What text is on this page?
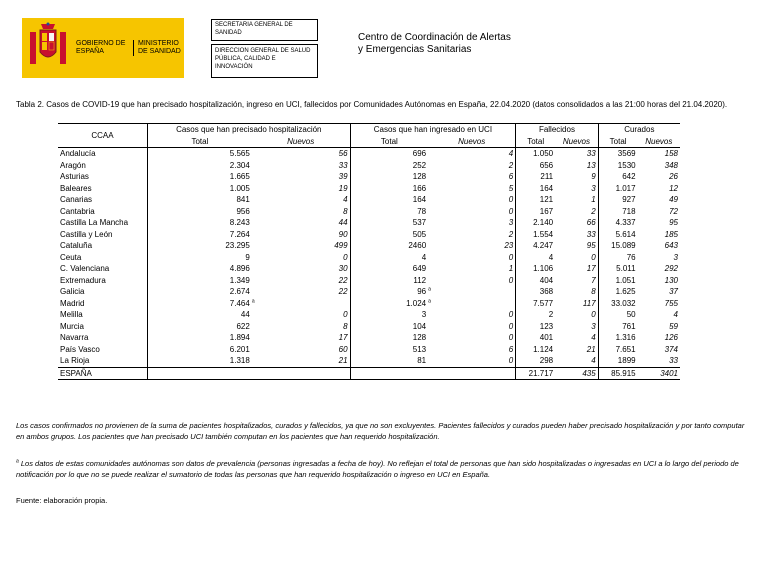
GOBIERNO DE ESPAÑA
MINISTERIO DE SANIDAD
SECRETARIA GENERAL DE SANIDAD
DIRECCION GENERAL DE SALUD PÚBLICA, CALIDAD E INNOVACIÓN
Centro de Coordinación de Alertas y Emergencias Sanitarias
Tabla 2. Casos de COVID-19 que han precisado hospitalización, ingreso en UCI, fallecidos por Comunidades Autónomas en España, 22.04.2020 (datos consolidados a las 21:00 horas del 21.04.2020).
CCAA	Casos que han precisado hospitalización			Casos que han ingresado en UCI			Fallecidos		Curados	
	Total	Nuevos		Total	Nuevos		Total	Nuevos	Total	Nuevos
Andalucía	5.565		56	696		4	1.050	33	3569	158
Aragón	2.304		33	252		2	656	13	1530	348
Asturias	1.665		39	128		6	211	9	642	26
Baleares	1.005		19	166		5	164	3	1.017	12
Canarias	841		4	164		0	121	1	927	49
Cantabria	956		8	78		0	167	2	718	72
Castilla La Mancha	8.243		44	537		3	2.140	66	4.337	95
Castilla y León	7.264		90	505		2	1.554	33	5.614	185
Cataluña	23.295		499	2460		23	4.247	95	15.089	643
Ceuta	9		0	4		0	4	0	76	3
C. Valenciana	4.896		30	649		1	1.106	17	5.011	292
Extremadura	1.349		22	112		0	404	7	1.051	130
Galicia	2.674		22	96	$^a$		368	8	1.625	37
Madrid	7.464	$^a$		1.024	$^a$		7.577	117	33.032	755
Melilla	44		0	3		0	2	0	50	4
Murcia	622		8	104		0	123	3	761	59
Navarra	1.894		17	128		0	401	4	1.316	126
País Vasco	6.201		60	513		6	1.124	21	7.651	374
La Rioja	1.318		21	81		0	298	4	1899	33
ESPAÑA							21.717	435	85.915	3401
Los casos confirmados no provienen de la suma de pacientes hospitalizados, curados y fallecidos, ya que no son excluyentes. Pacientes fallecidos y curados pueden haber precisado hospitalización y por tanto computar en ambos grupos. Los pacientes que han precisado UCI también computan en los pacientes que han requerido hospitalización.
$^a$ Los datos de estas comunidades autónomas son datos de prevalencia (personas ingresadas a fecha de hoy). No reflejan el total de personas que han sido hospitalizadas o ingresadas en UCI a lo largo del periodo de notificación por lo que no se puede realizar el sumatorio de todas las personas que han requerido hospitalización o ingreso en UCI en España.
Fuente: elaboración propia.
